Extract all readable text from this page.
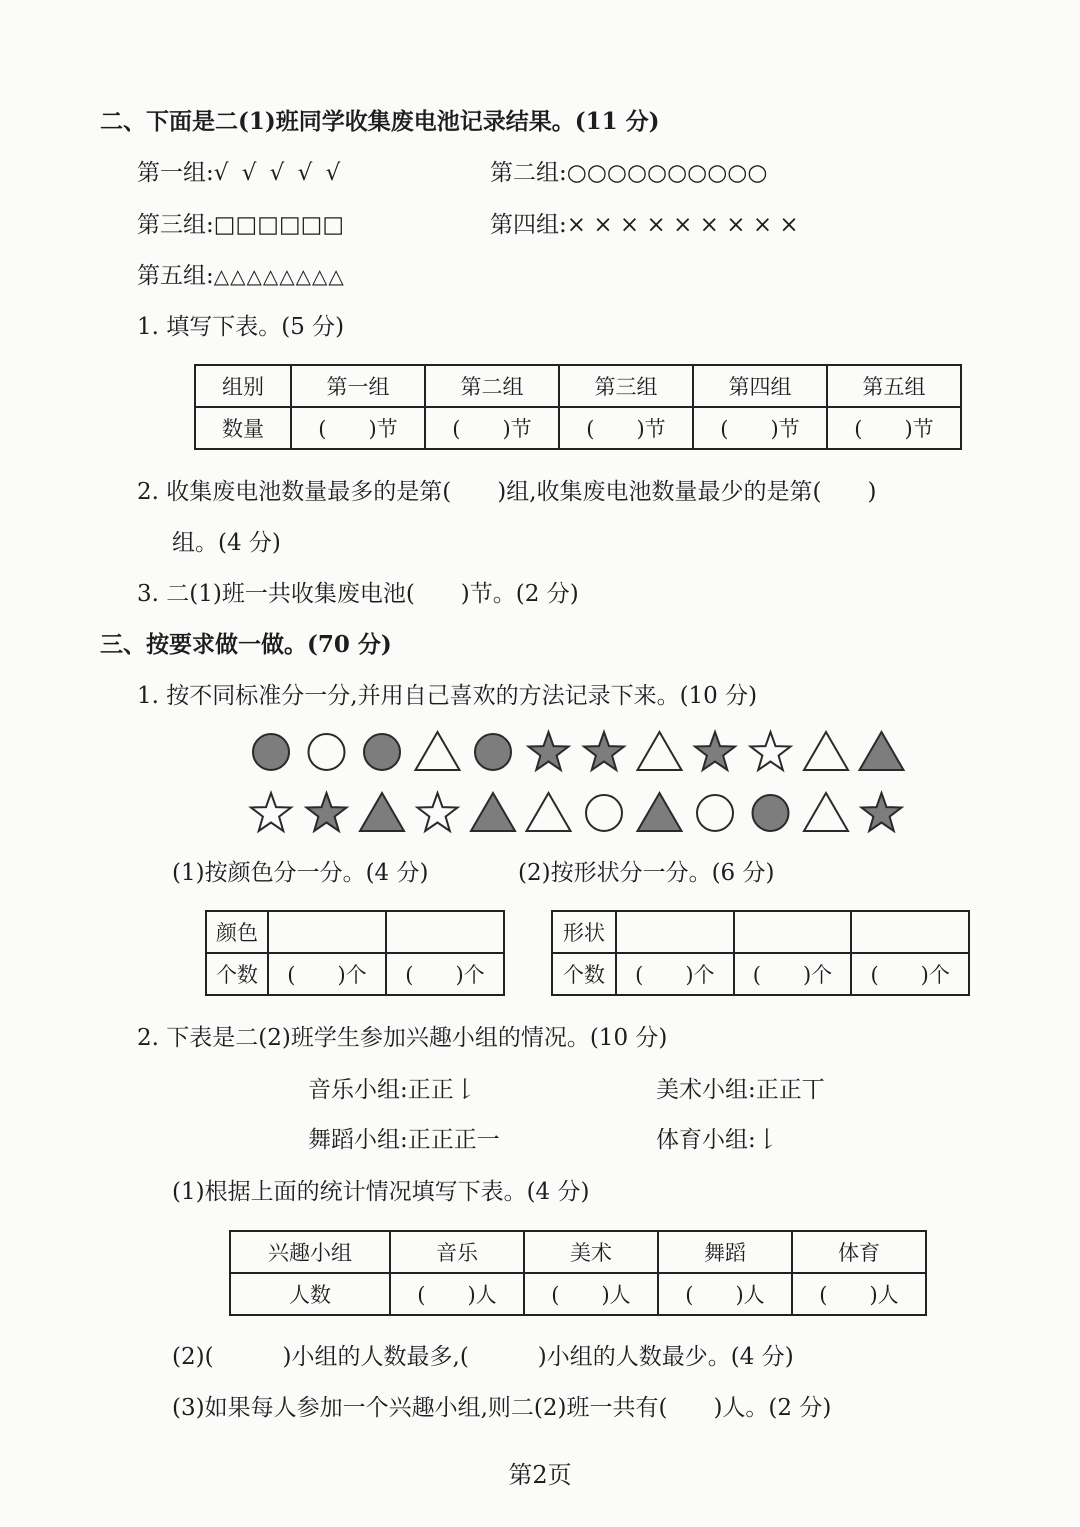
二、下面是二(1)班同学收集废电池记录结果。(11 分)
第一组:√ √ √ √ √	第二组:○○○○○○○○○○
第三组:□□□□□□	第四组:× × × × × × × × ×
第五组:△△△△△△△△
1. 填写下表。(5 分)
组别	第一组	第二组	第三组	第四组	第五组
数量	(　　)节	(　　)节	(　　)节	(　　)节	(　　)节
2. 收集废电池数量最多的是第(　　)组,收集废电池数量最少的是第(　　)
组。(4 分)
3. 二(1)班一共收集废电池(　　)节。(2 分)
三、按要求做一做。(70 分)
1. 按不同标准分一分,并用自己喜欢的方法记录下来。(10 分)
(1)按颜色分一分。(4 分)	(2)按形状分一分。(6 分)
颜色		
个数	(　　)个	(　　)个
形状			
个数	(　　)个	(　　)个	(　　)个
2. 下表是二(2)班学生参加兴趣小组的情况。(10 分)
音乐小组:正正𠄌	美术小组:正正丅
舞蹈小组:正正正一	体育小组:𠄌
(1)根据上面的统计情况填写下表。(4 分)
兴趣小组	音乐	美术	舞蹈	体育
人数	(　　)人	(　　)人	(　　)人	(　　)人
(2)(　　　)小组的人数最多,(　　　)小组的人数最少。(4 分)
(3)如果每人参加一个兴趣小组,则二(2)班一共有(　　)人。(2 分)
第2页
